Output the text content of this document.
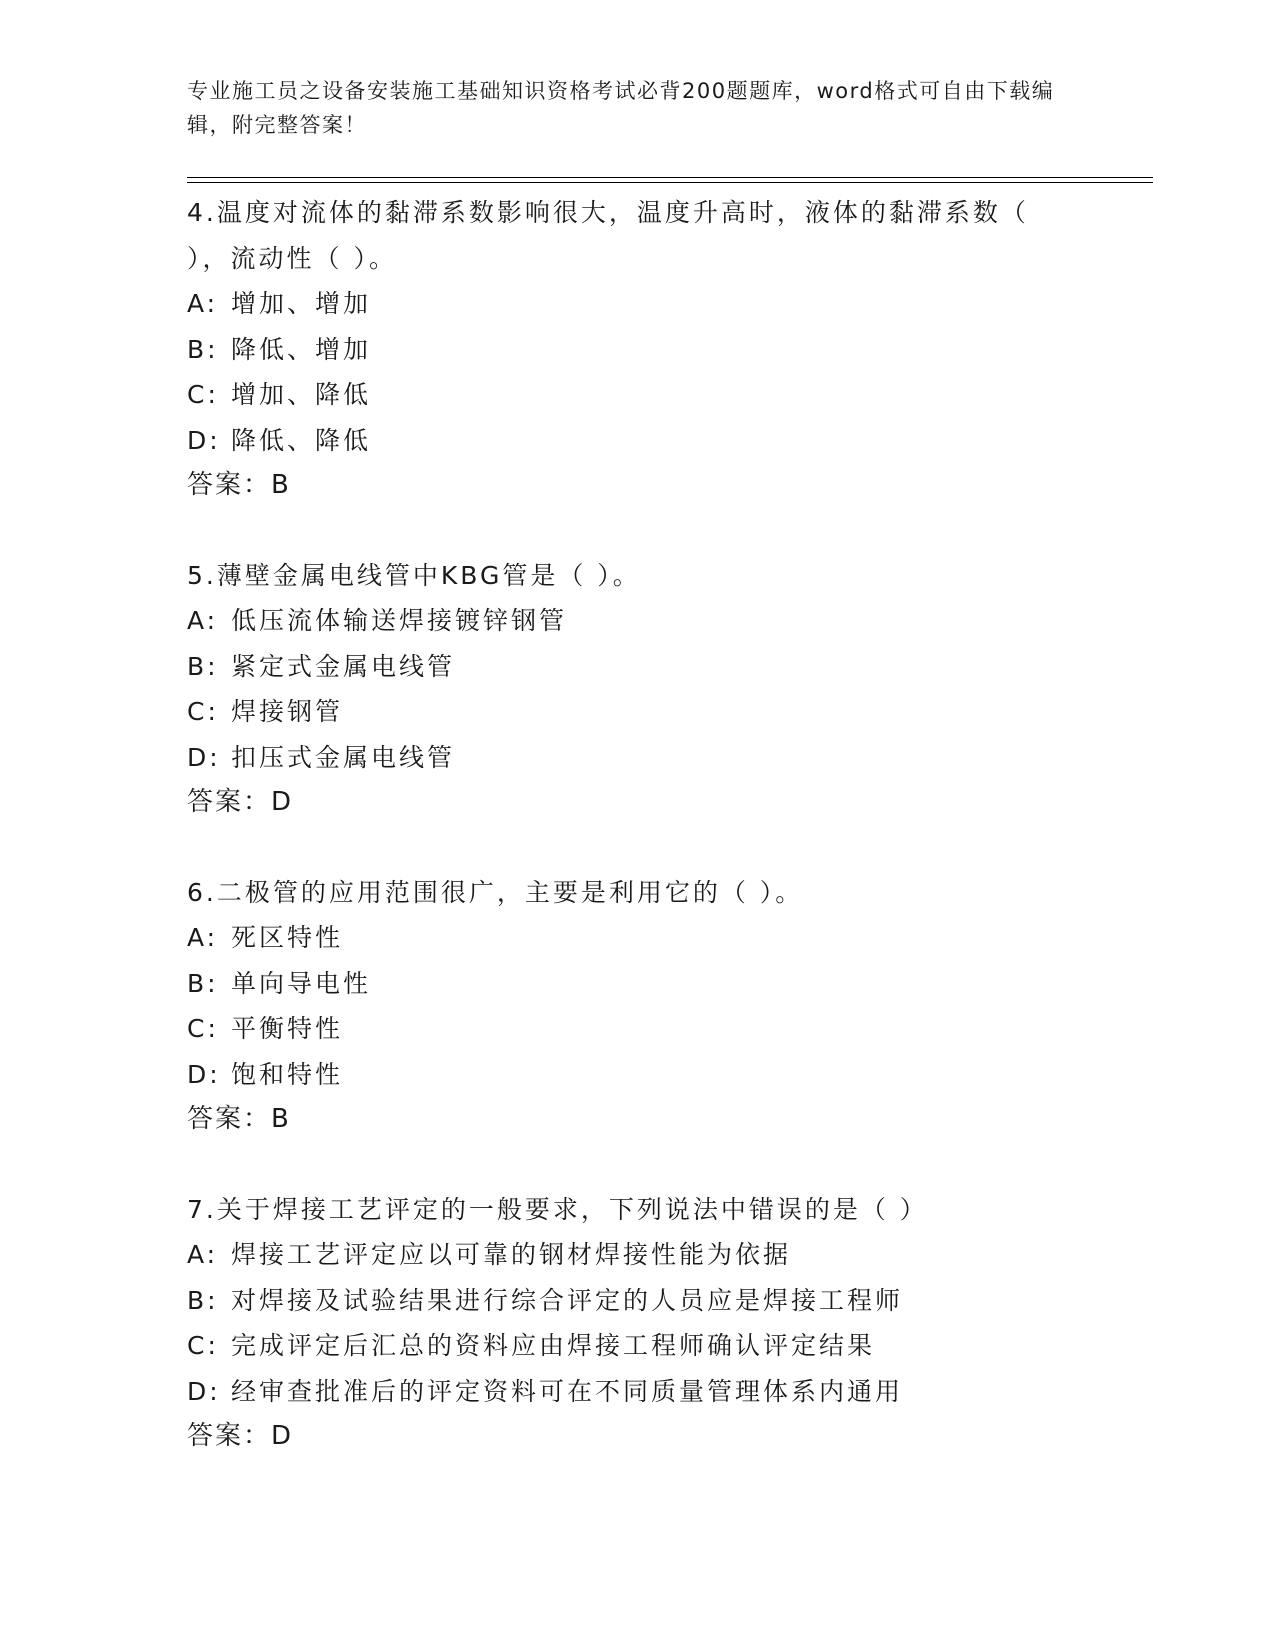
专业施工员之设备安装施工基础知识资格考试必背200题题库，word格式可自由下载编辑，附完整答案！
4.温度对流体的黏滞系数影响很大，温度升高时，液体的黏滞系数（
），流动性（ ）。
A: 增加、增加
B: 降低、增加
C: 增加、降低
D: 降低、降低
答案：B
5.薄壁金属电线管中KBG管是（ ）。
A: 低压流体输送焊接镀锌钢管
B: 紧定式金属电线管
C: 焊接钢管
D: 扣压式金属电线管
答案：D
6.二极管的应用范围很广，主要是利用它的（ ）。
A: 死区特性
B: 单向导电性
C: 平衡特性
D: 饱和特性
答案：B
7.关于焊接工艺评定的一般要求，下列说法中错误的是（ ）
A: 焊接工艺评定应以可靠的钢材焊接性能为依据
B: 对焊接及试验结果进行综合评定的人员应是焊接工程师
C: 完成评定后汇总的资料应由焊接工程师确认评定结果
D: 经审查批准后的评定资料可在不同质量管理体系内通用
答案：D
